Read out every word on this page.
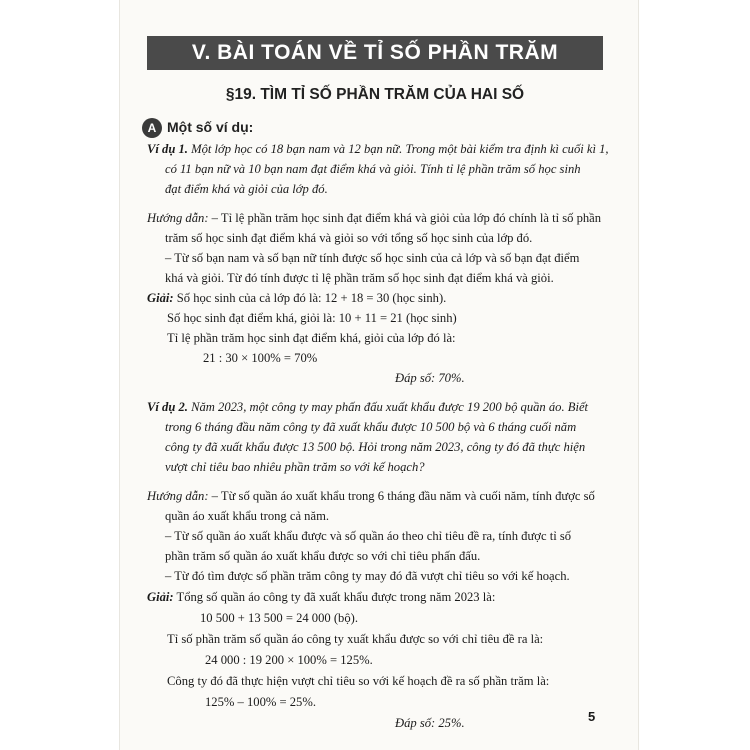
V. BÀI TOÁN VỀ TỈ SỐ PHẦN TRĂM
§19. TÌM TỈ SỐ PHẦN TRĂM CỦA HAI SỐ
A Một số ví dụ:
Ví dụ 1. Một lớp học có 18 bạn nam và 12 bạn nữ. Trong một bài kiểm tra định kì cuối kì 1,
có 11 bạn nữ và 10 bạn nam đạt điểm khá và giỏi. Tính tỉ lệ phần trăm số học sinh
đạt điểm khá và giỏi của lớp đó.
Hướng dẫn: – Tỉ lệ phần trăm học sinh đạt điểm khá và giỏi của lớp đó chính là tỉ số phần
trăm số học sinh đạt điểm khá và giỏi so với tổng số học sinh của lớp đó.
– Từ số bạn nam và số bạn nữ tính được số học sinh của cả lớp và số bạn đạt điểm
khá và giỏi. Từ đó tính được tỉ lệ phần trăm số học sinh đạt điểm khá và giỏi.
Giải: Số học sinh của cả lớp đó là: 12 + 18 = 30 (học sinh).
Số học sinh đạt điểm khá, giỏi là: 10 + 11 = 21 (học sinh)
Tỉ lệ phần trăm học sinh đạt điểm khá, giỏi của lớp đó là:
21 : 30 × 100% = 70%
Đáp số: 70%.
Ví dụ 2. Năm 2023, một công ty may phấn đấu xuất khẩu được 19 200 bộ quần áo. Biết
trong 6 tháng đầu năm công ty đã xuất khẩu được 10 500 bộ và 6 tháng cuối năm
công ty đã xuất khẩu được 13 500 bộ. Hỏi trong năm 2023, công ty đó đã thực hiện
vượt chỉ tiêu bao nhiêu phần trăm so với kế hoạch?
Hướng dẫn: – Từ số quần áo xuất khẩu trong 6 tháng đầu năm và cuối năm, tính được số
quần áo xuất khẩu trong cả năm.
– Từ số quần áo xuất khẩu được và số quần áo theo chỉ tiêu đề ra, tính được tỉ số
phần trăm số quần áo xuất khẩu được so với chỉ tiêu phấn đấu.
– Từ đó tìm được số phần trăm công ty may đó đã vượt chỉ tiêu so với kế hoạch.
Giải: Tổng số quần áo công ty đã xuất khẩu được trong năm 2023 là:
10 500 + 13 500 = 24 000 (bộ).
Tỉ số phần trăm số quần áo công ty xuất khẩu được so với chỉ tiêu đề ra là:
24 000 : 19 200 × 100% = 125%.
Công ty đó đã thực hiện vượt chỉ tiêu so với kế hoạch đề ra số phần trăm là:
125% – 100% = 25%.
Đáp số: 25%.	5
